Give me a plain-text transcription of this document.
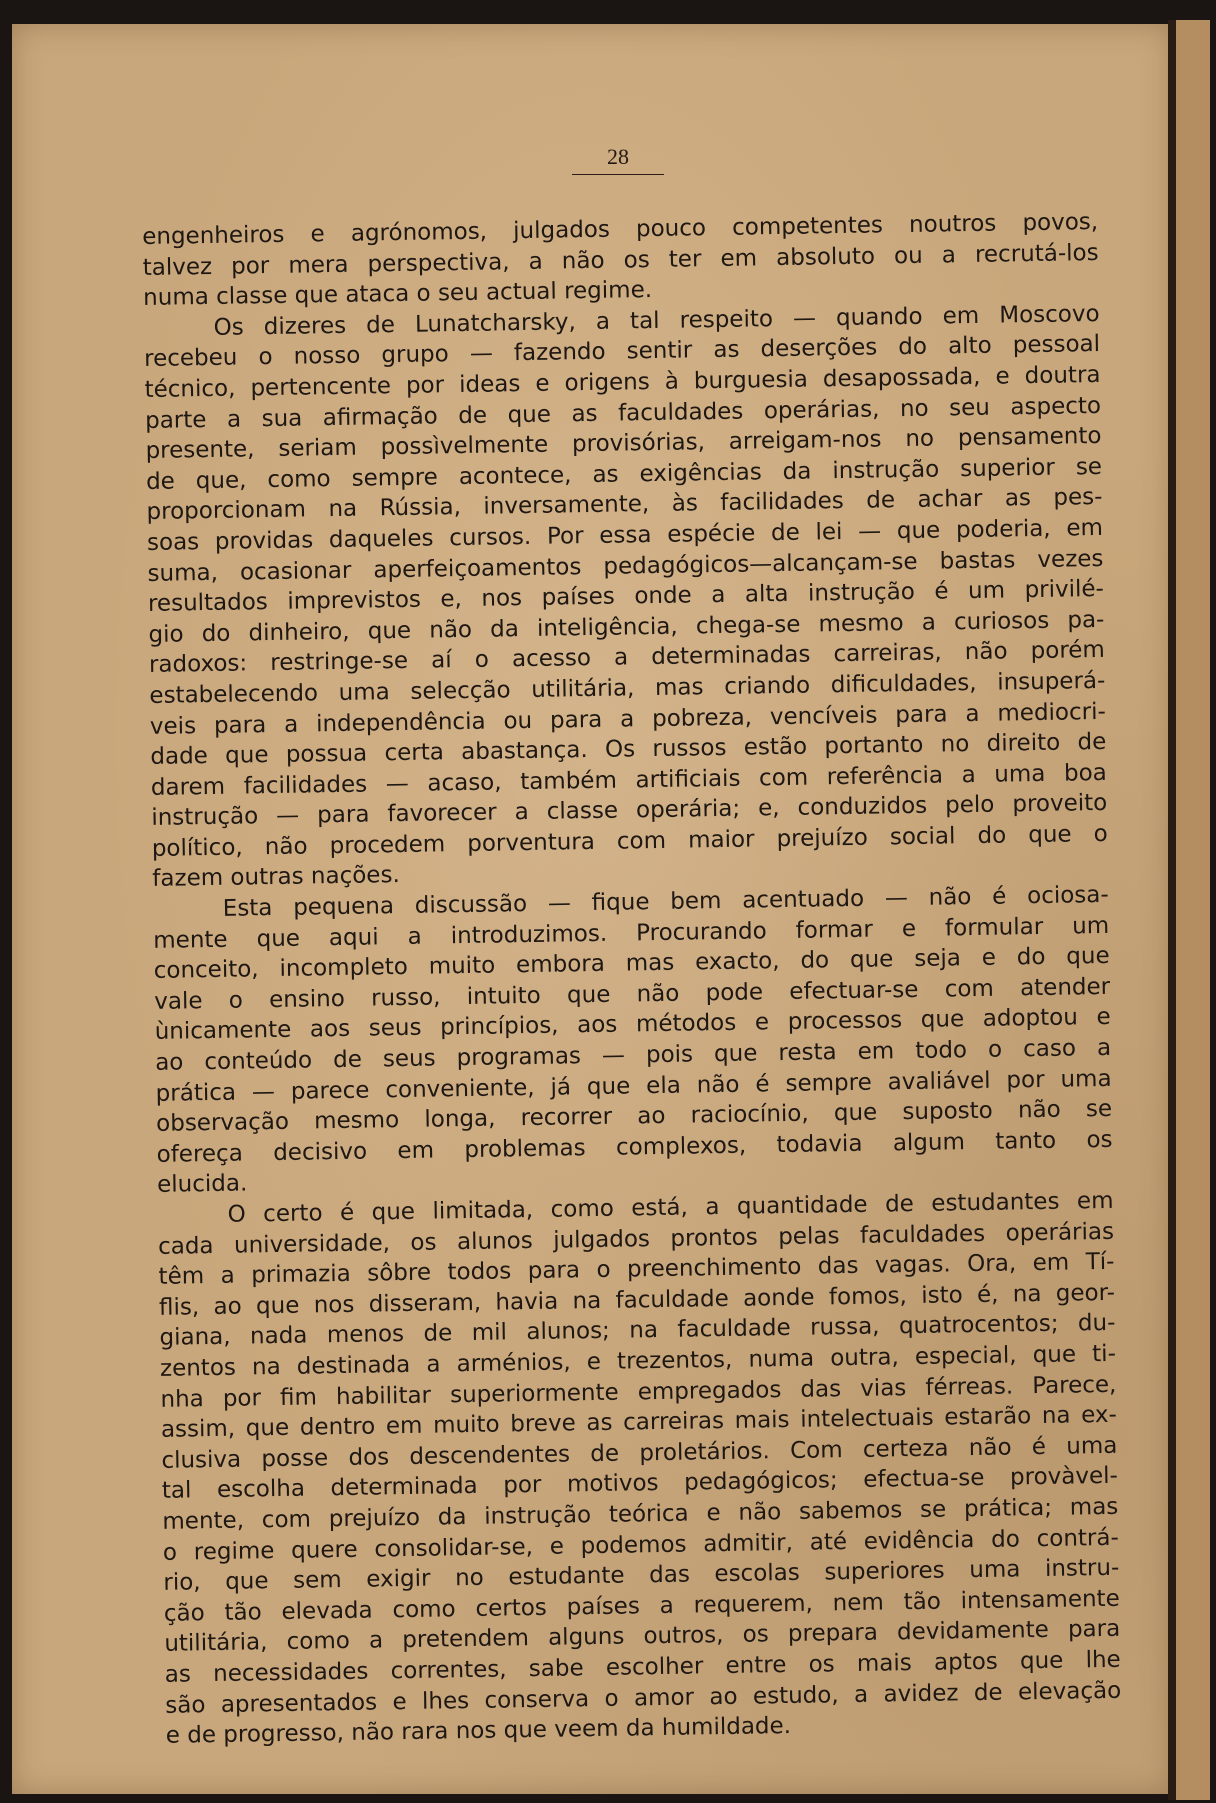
28
engenheiros e agrónomos, julgados pouco competentes noutros povos,
talvez por mera perspectiva, a não os ter em absoluto ou a recrutá-los
numa classe que ataca o seu actual regime.
Os dizeres de Lunatcharsky, a tal respeito — quando em Moscovo
recebeu o nosso grupo — fazendo sentir as deserções do alto pessoal
técnico, pertencente por ideas e origens à burguesia desapossada, e doutra
parte a sua afirmação de que as faculdades operárias, no seu aspecto
presente, seriam possìvelmente provisórias, arreigam-nos no pensamento
de que, como sempre acontece, as exigências da instrução superior se
proporcionam na Rússia, inversamente, às facilidades de achar as pes-
soas providas daqueles cursos. Por essa espécie de lei — que poderia, em
suma, ocasionar aperfeiçoamentos pedagógicos—alcançam-se bastas vezes
resultados imprevistos e, nos países onde a alta instrução é um privilé-
gio do dinheiro, que não da inteligência, chega-se mesmo a curiosos pa-
radoxos: restringe-se aí o acesso a determinadas carreiras, não porém
estabelecendo uma selecção utilitária, mas criando dificuldades, insuperá-
veis para a independência ou para a pobreza, vencíveis para a mediocri-
dade que possua certa abastança. Os russos estão portanto no direito de
darem facilidades — acaso, também artificiais com referência a uma boa
instrução — para favorecer a classe operária; e, conduzidos pelo proveito
político, não procedem porventura com maior prejuízo social do que o
fazem outras nações.
Esta pequena discussão — fique bem acentuado — não é ociosa-
mente que aqui a introduzimos. Procurando formar e formular um
conceito, incompleto muito embora mas exacto, do que seja e do que
vale o ensino russo, intuito que não pode efectuar-se com atender
ùnicamente aos seus princípios, aos métodos e processos que adoptou e
ao conteúdo de seus programas — pois que resta em todo o caso a
prática — parece conveniente, já que ela não é sempre avaliável por uma
observação mesmo longa, recorrer ao raciocínio, que suposto não se
ofereça decisivo em problemas complexos, todavia algum tanto os
elucida.
O certo é que limitada, como está, a quantidade de estudantes em
cada universidade, os alunos julgados prontos pelas faculdades operárias
têm a primazia sôbre todos para o preenchimento das vagas. Ora, em Tí-
flis, ao que nos disseram, havia na faculdade aonde fomos, isto é, na geor-
giana, nada menos de mil alunos; na faculdade russa, quatrocentos; du-
zentos na destinada a arménios, e trezentos, numa outra, especial, que ti-
nha por fim habilitar superiormente empregados das vias férreas. Parece,
assim, que dentro em muito breve as carreiras mais intelectuais estarão na ex-
clusiva posse dos descendentes de proletários. Com certeza não é uma
tal escolha determinada por motivos pedagógicos; efectua-se provàvel-
mente, com prejuízo da instrução teórica e não sabemos se prática; mas
o regime quere consolidar-se, e podemos admitir, até evidência do contrá-
rio, que sem exigir no estudante das escolas superiores uma instru-
ção tão elevada como certos países a requerem, nem tão intensamente
utilitária, como a pretendem alguns outros, os prepara devidamente para
as necessidades correntes, sabe escolher entre os mais aptos que lhe
são apresentados e lhes conserva o amor ao estudo, a avidez de elevação
e de progresso, não rara nos que veem da humildade.
